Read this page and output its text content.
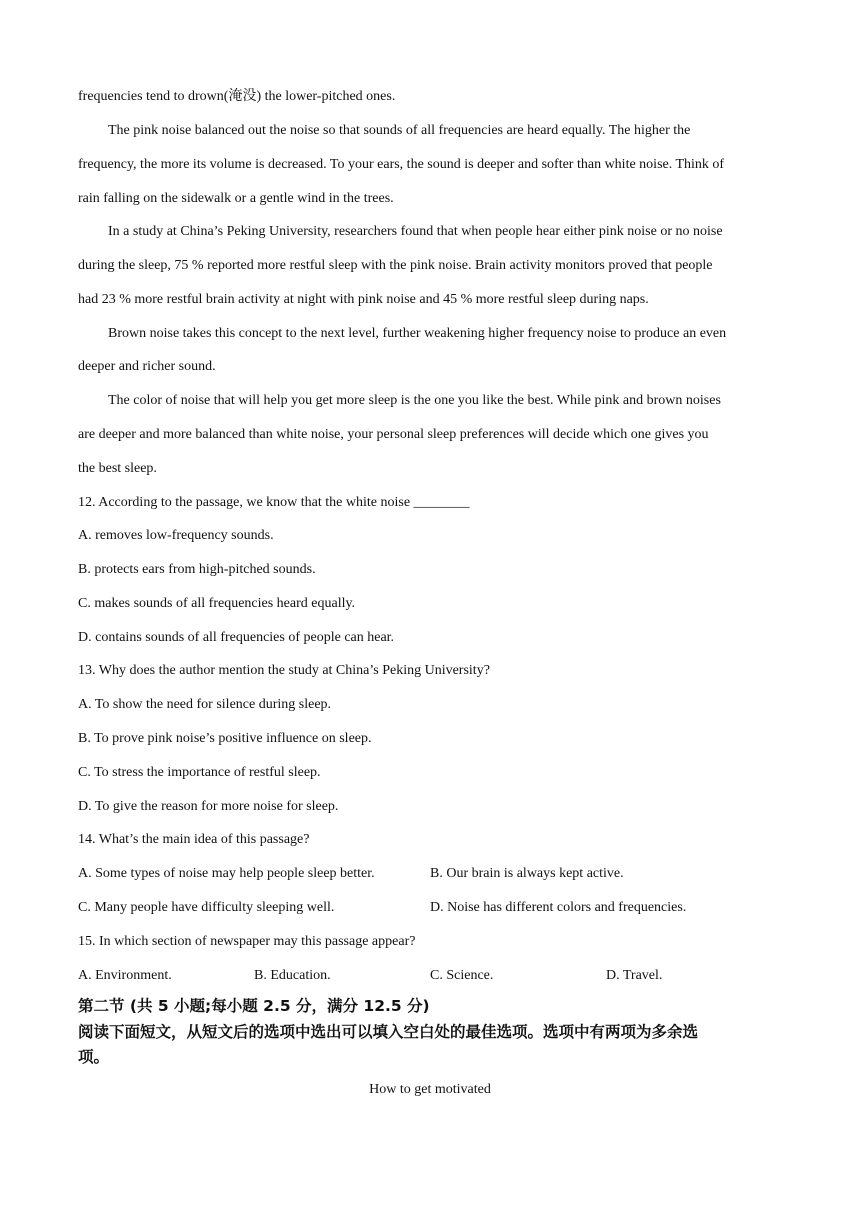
frequencies tend to drown(淹没) the lower-pitched ones.
The pink noise balanced out the noise so that sounds of all frequencies are heard equally. The higher the
frequency, the more its volume is decreased. To your ears, the sound is deeper and softer than white noise. Think of
rain falling on the sidewalk or a gentle wind in the trees.
In a study at China’s Peking University, researchers found that when people hear either pink noise or no noise
during the sleep, 75 % reported more restful sleep with the pink noise. Brain activity monitors proved that people
had 23 % more restful brain activity at night with pink noise and 45 % more restful sleep during naps.
Brown noise takes this concept to the next level, further weakening higher frequency noise to produce an even
deeper and richer sound.
The color of noise that will help you get more sleep is the one you like the best. While pink and brown noises
are deeper and more balanced than white noise, your personal sleep preferences will decide which one gives you
the best sleep.
12. According to the passage, we know that the white noise ________
A. removes low-frequency sounds.
B. protects ears from high-pitched sounds.
C. makes sounds of all frequencies heard equally.
D. contains sounds of all frequencies of people can hear.
13. Why does the author mention the study at China’s Peking University?
A. To show the need for silence during sleep.
B. To prove pink noise’s positive influence on sleep.
C. To stress the importance of restful sleep.
D. To give the reason for more noise for sleep.
14. What’s the main idea of this passage?
A. Some types of noise may help people sleep better.	B. Our brain is always kept active.
C. Many people have difficulty sleeping well.	D. Noise has different colors and frequencies.
15. In which section of newspaper may this passage appear?
A. Environment.	B. Education.	C. Science.	D. Travel.
第二节 (共 5 小题;每小题 2.5 分，满分 12.5 分)
阅读下面短文，从短文后的选项中选出可以填入空白处的最佳选项。选项中有两项为多余选
项。
How to get motivated
